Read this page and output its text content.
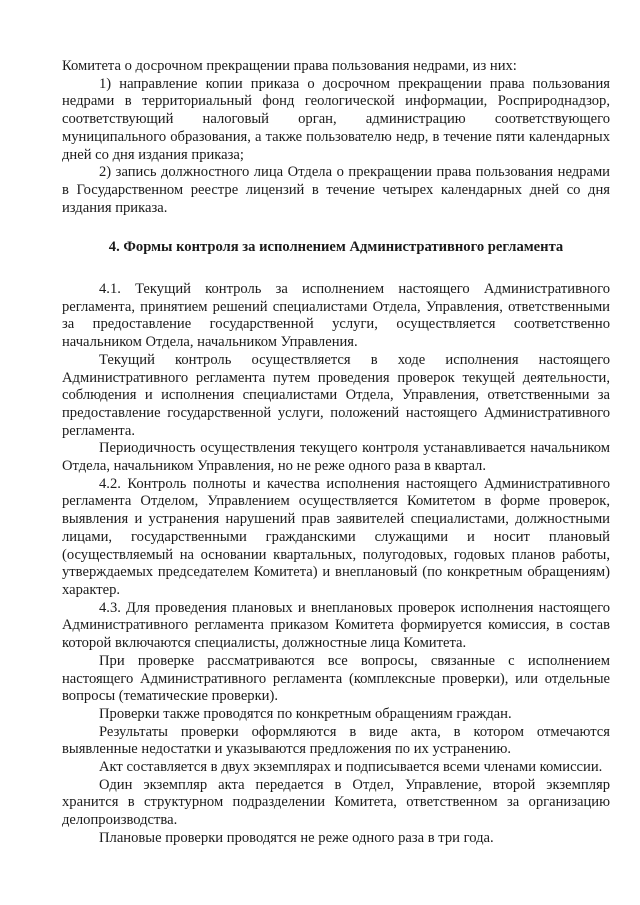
Комитета о досрочном прекращении права пользования недрами, из них:

1) направление копии приказа о досрочном прекращении права пользования недрами в территориальный фонд геологической информации, Росприроднадзор, соответствующий налоговый орган, администрацию соответствующего муниципального образования, а также пользователю недр, в течение пяти календарных дней со дня издания приказа;

2) запись должностного лица Отдела о прекращении права пользования недрами в Государственном реестре лицензий в течение четырех календарных дней со дня издания приказа.

4. Формы контроля за исполнением Административного регламента

4.1. Текущий контроль за исполнением настоящего Административного регламента, принятием решений специалистами Отдела, Управления, ответственными за предоставление государственной услуги, осуществляется соответственно начальником Отдела, начальником Управления.

Текущий контроль осуществляется в ходе исполнения настоящего Административного регламента путем проведения проверок текущей деятельности, соблюдения и исполнения специалистами Отдела, Управления, ответственными за предоставление государственной услуги, положений настоящего Административного регламента.

Периодичность осуществления текущего контроля устанавливается начальником Отдела, начальником Управления, но не реже одного раза в квартал.

4.2. Контроль полноты и качества исполнения настоящего Административного регламента Отделом, Управлением осуществляется Комитетом в форме проверок, выявления и устранения нарушений прав заявителей специалистами, должностными лицами, государственными гражданскими служащими и носит плановый (осуществляемый на основании квартальных, полугодовых, годовых планов работы, утверждаемых председателем Комитета) и внеплановый (по конкретным обращениям) характер.

4.3. Для проведения плановых и внеплановых проверок исполнения настоящего Административного регламента приказом Комитета формируется комиссия, в состав которой включаются специалисты, должностные лица Комитета.

При проверке рассматриваются все вопросы, связанные с исполнением настоящего Административного регламента (комплексные проверки), или отдельные вопросы (тематические проверки).

Проверки также проводятся по конкретным обращениям граждан.

Результаты проверки оформляются в виде акта, в котором отмечаются выявленные недостатки и указываются предложения по их устранению.

Акт составляется в двух экземплярах и подписывается всеми членами комиссии.

Один экземпляр акта передается в Отдел, Управление, второй экземпляр хранится в структурном подразделении Комитета, ответственном за организацию делопроизводства.

Плановые проверки проводятся не реже одного раза в три года.
